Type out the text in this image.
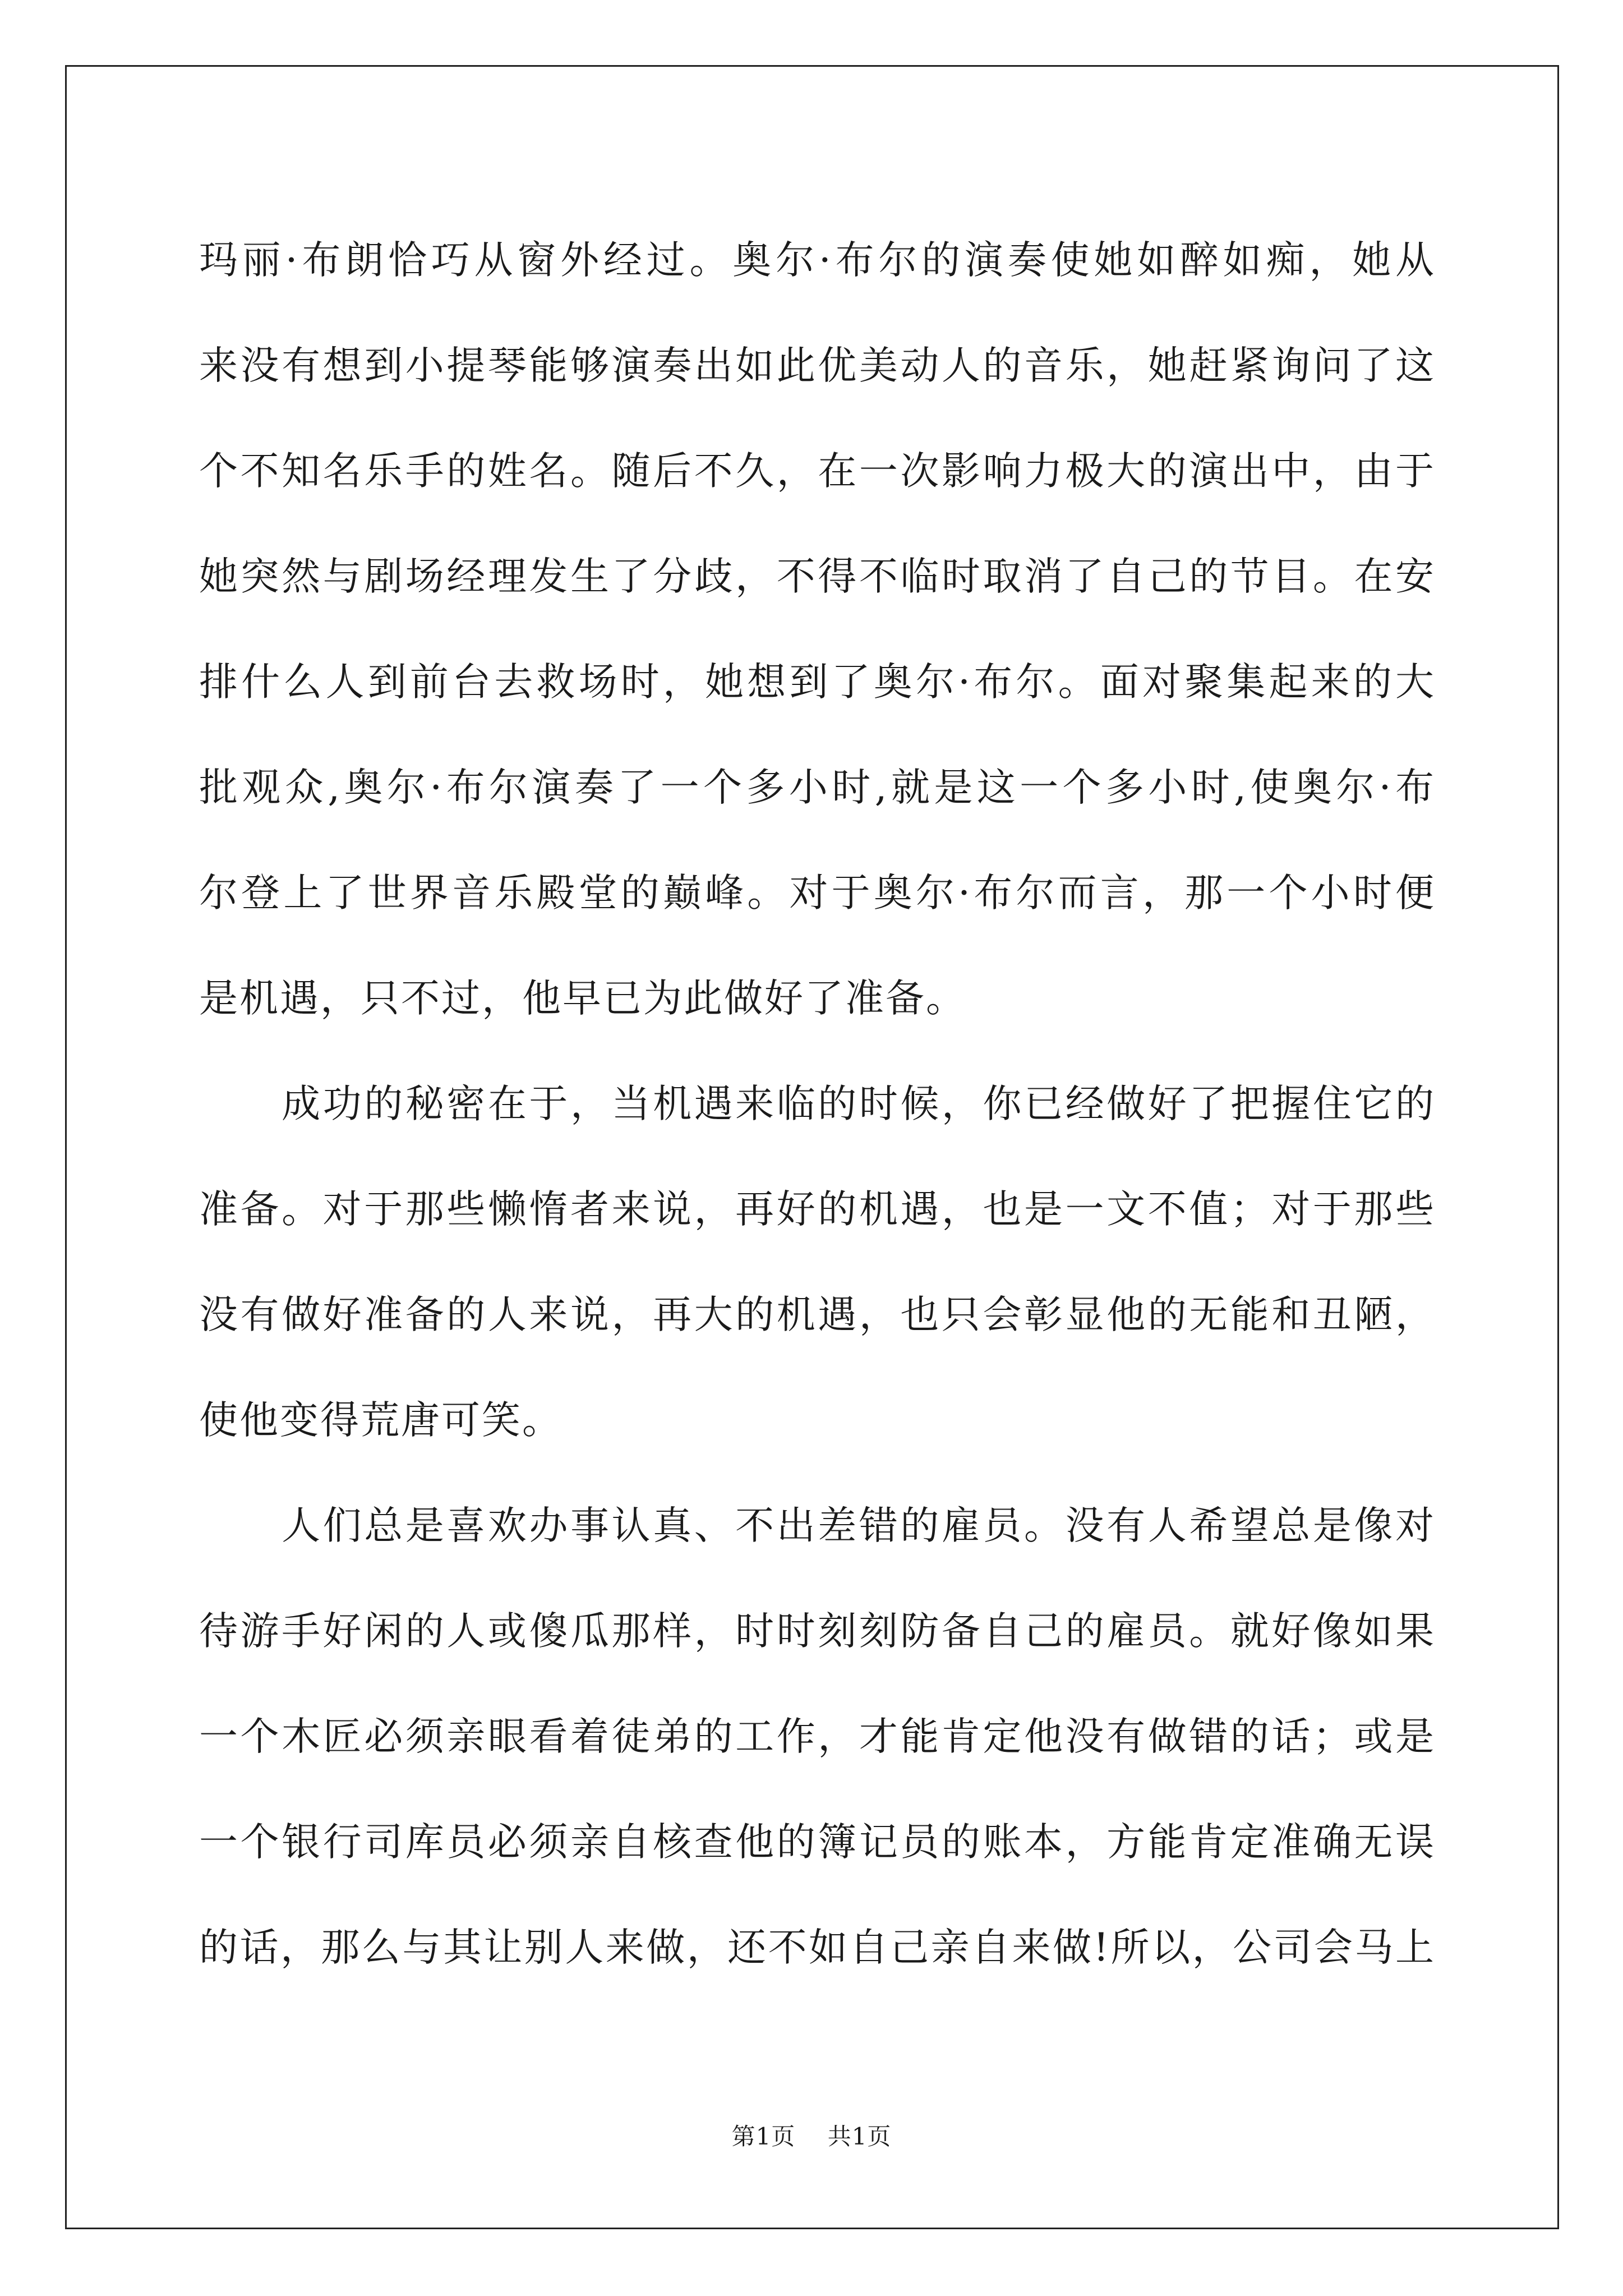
玛丽·布朗恰巧从窗外经过。奥尔·布尔的演奏使她如醉如痴，她从
来没有想到小提琴能够演奏出如此优美动人的音乐，她赶紧询问了这
个不知名乐手的姓名。随后不久，在一次影响力极大的演出中，由于
她突然与剧场经理发生了分歧，不得不临时取消了自己的节目。在安
排什么人到前台去救场时，她想到了奥尔·布尔。面对聚集起来的大
批观众,奥尔·布尔演奏了一个多小时,就是这一个多小时,使奥尔·布
尔登上了世界音乐殿堂的巅峰。对于奥尔·布尔而言，那一个小时便
是机遇，只不过，他早已为此做好了准备。
　　成功的秘密在于，当机遇来临的时候，你已经做好了把握住它的
准备。对于那些懒惰者来说，再好的机遇，也是一文不值；对于那些
没有做好准备的人来说，再大的机遇，也只会彰显他的无能和丑陋，
使他变得荒唐可笑。
　　人们总是喜欢办事认真、不出差错的雇员。没有人希望总是像对
待游手好闲的人或傻瓜那样，时时刻刻防备自己的雇员。就好像如果
一个木匠必须亲眼看着徒弟的工作，才能肯定他没有做错的话；或是
一个银行司库员必须亲自核查他的簿记员的账本，方能肯定准确无误
的话，那么与其让别人来做，还不如自己亲自来做!所以，公司会马上
第1页 共1页
